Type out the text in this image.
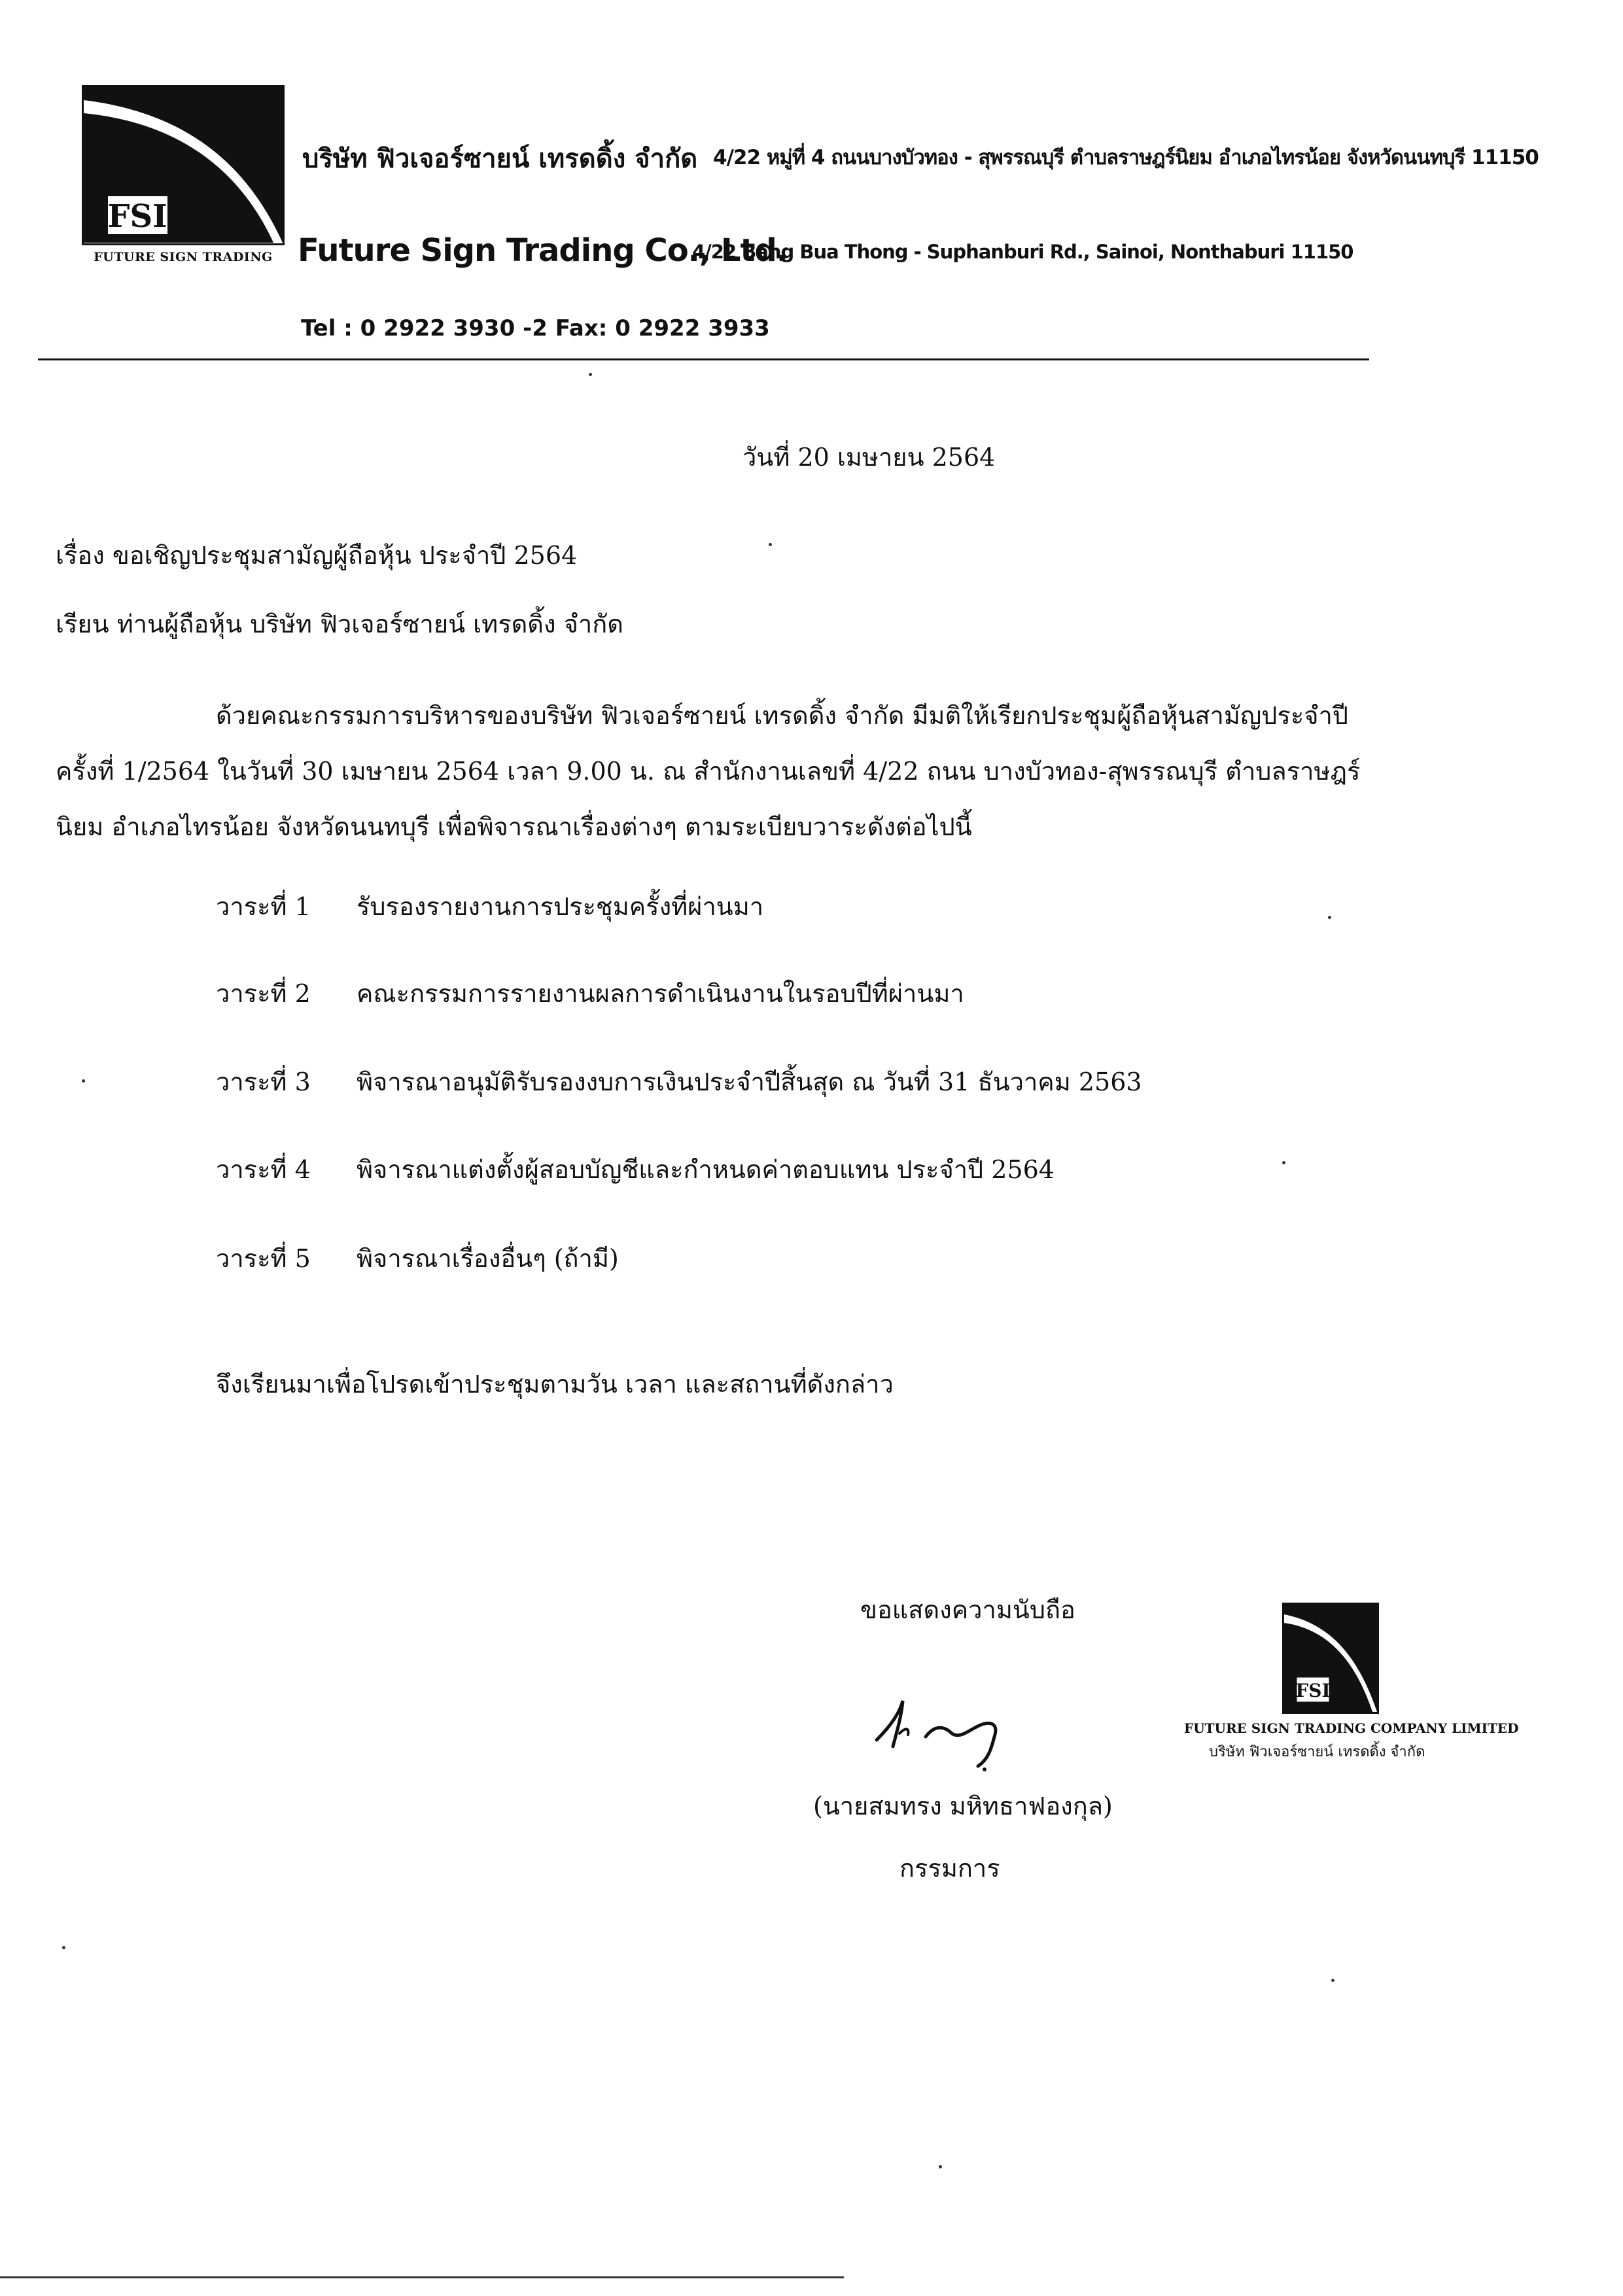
FSI
FUTURE SIGN TRADING
บริษัท ฟิวเจอร์ซายน์ เทรดดิ้ง จำกัด 4/22 หมู่ที่ 4 ถนนบางบัวทอง - สุพรรณบุรี ตำบลราษฎร์นิยม อำเภอไทรน้อย จังหวัดนนทบุรี 11150
Future Sign Trading Co., Ltd.
4/22 Bang Bua Thong - Suphanburi Rd., Sainoi, Nonthaburi 11150
Tel : 0 2922 3930 -2 Fax: 0 2922 3933
วันที่ 20 เมษายน 2564
เรื่อง ขอเชิญประชุมสามัญผู้ถือหุ้น ประจำปี 2564
เรียน ท่านผู้ถือหุ้น บริษัท ฟิวเจอร์ซายน์ เทรดดิ้ง จำกัด
ด้วยคณะกรรมการบริหารของบริษัท ฟิวเจอร์ซายน์ เทรดดิ้ง จำกัด มีมติให้เรียกประชุมผู้ถือหุ้นสามัญประจำปี
ครั้งที่ 1/2564 ในวันที่ 30 เมษายน 2564 เวลา 9.00 น. ณ สำนักงานเลขที่ 4/22 ถนน บางบัวทอง-สุพรรณบุรี ตำบลราษฎร์
นิยม อำเภอไทรน้อย จังหวัดนนทบุรี เพื่อพิจารณาเรื่องต่างๆ ตามระเบียบวาระดังต่อไปนี้
วาระที่ 1 รับรองรายงานการประชุมครั้งที่ผ่านมา
วาระที่ 2 คณะกรรมการรายงานผลการดำเนินงานในรอบปีที่ผ่านมา
วาระที่ 3 พิจารณาอนุมัติรับรองงบการเงินประจำปีสิ้นสุด ณ วันที่ 31 ธันวาคม 2563
วาระที่ 4 พิจารณาแต่งตั้งผู้สอบบัญชีและกำหนดค่าตอบแทน ประจำปี 2564
วาระที่ 5 พิจารณาเรื่องอื่นๆ (ถ้ามี)
จึงเรียนมาเพื่อโปรดเข้าประชุมตามวัน เวลา และสถานที่ดังกล่าว
ขอแสดงความนับถือ
(นายสมทรง มหิทธาฟองกุล)
กรรมการ
FSI
FUTURE SIGN TRADING COMPANY LIMITED
บริษัท ฟิวเจอร์ซายน์ เทรดดิ้ง จำกัด
